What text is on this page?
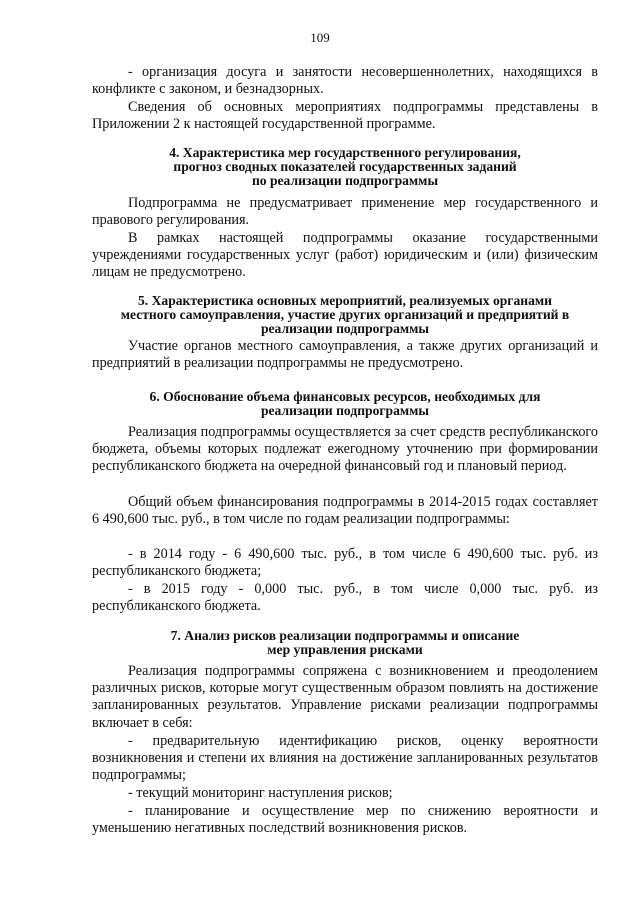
109

- организация досуга и занятости несовершеннолетних, находящихся в конфликте с законом, и безнадзорных.

Сведения об основных мероприятиях подпрограммы представлены в Приложении 2 к настоящей государственной программе.

4. Характеристика мер государственного регулирования,

прогноз сводных показателей государственных заданий

по реализации подпрограммы

Подпрограмма не предусматривает применение мер государственного и правового регулирования.

В рамках настоящей подпрограммы оказание государственными учреждениями государственных услуг (работ) юридическим и (или) физическим лицам не предусмотрено.

5. Характеристика основных мероприятий, реализуемых органами

местного самоуправления, участие других организаций и предприятий в

реализации подпрограммы

Участие органов местного самоуправления, а также других организаций и предприятий в реализации подпрограммы не предусмотрено.

6. Обоснование объема финансовых ресурсов, необходимых для

реализации подпрограммы

Реализация подпрограммы осуществляется за счет средств республиканского бюджета, объемы которых подлежат ежегодному уточнению при формировании республиканского бюджета на очередной финансовый год и плановый период.

Общий объем финансирования подпрограммы в 2014-2015 годах составляет 6 490,600 тыс. руб., в том числе по годам реализации подпрограммы:

- в 2014 году - 6 490,600 тыс. руб., в том числе 6 490,600 тыс. руб. из республиканского бюджета;

- в 2015 году - 0,000 тыс. руб., в том числе 0,000 тыс. руб. из республиканского бюджета.

7. Анализ рисков реализации подпрограммы и описание

мер управления рисками

Реализация подпрограммы сопряжена с возникновением и преодолением различных рисков, которые могут существенным образом повлиять на достижение запланированных результатов. Управление рисками реализации подпрограммы включает в себя:

- предварительную идентификацию рисков, оценку вероятности возникновения и степени их влияния на достижение запланированных результатов подпрограммы;

- текущий мониторинг наступления рисков;

- планирование и осуществление мер по снижению вероятности и уменьшению негативных последствий возникновения рисков.
